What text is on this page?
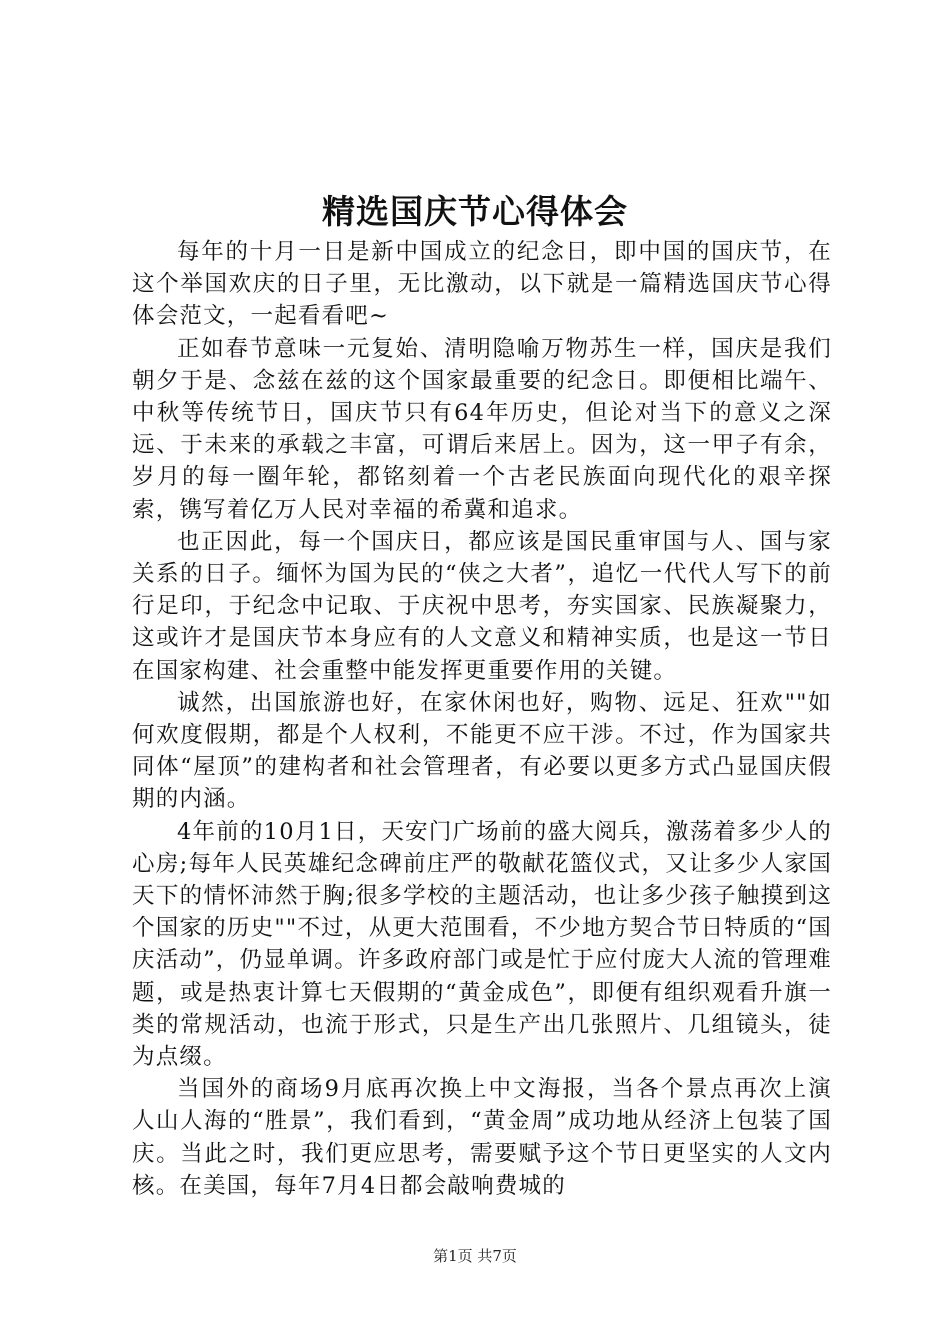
精选国庆节心得体会

每年的十月一日是新中国成立的纪念日，即中国的国庆节，在这个举国欢庆的日子里，无比激动，以下就是一篇精选国庆节心得体会范文，一起看看吧~

正如春节意味一元复始、清明隐喻万物苏生一样，国庆是我们朝夕于是、念兹在兹的这个国家最重要的纪念日。即便相比端午、中秋等传统节日，国庆节只有64年历史，但论对当下的意义之深远、于未来的承载之丰富，可谓后来居上。因为，这一甲子有余，岁月的每一圈年轮，都铭刻着一个古老民族面向现代化的艰辛探索，镌写着亿万人民对幸福的希冀和追求。

也正因此，每一个国庆日，都应该是国民重审国与人、国与家关系的日子。缅怀为国为民的“侠之大者”，追忆一代代人写下的前行足印，于纪念中记取、于庆祝中思考，夯实国家、民族凝聚力，这或许才是国庆节本身应有的人文意义和精神实质，也是这一节日在国家构建、社会重整中能发挥更重要作用的关键。

诚然，出国旅游也好，在家休闲也好，购物、远足、狂欢""如何欢度假期，都是个人权利，不能更不应干涉。不过，作为国家共同体“屋顶”的建构者和社会管理者，有必要以更多方式凸显国庆假期的内涵。

4年前的10月1日，天安门广场前的盛大阅兵，激荡着多少人的心房;每年人民英雄纪念碑前庄严的敬献花篮仪式，又让多少人家国天下的情怀沛然于胸;很多学校的主题活动，也让多少孩子触摸到这个国家的历史""不过，从更大范围看，不少地方契合节日特质的“国庆活动”，仍显单调。许多政府部门或是忙于应付庞大人流的管理难题，或是热衷计算七天假期的“黄金成色”，即便有组织观看升旗一类的常规活动，也流于形式，只是生产出几张照片、几组镜头，徒为点缀。

当国外的商场9月底再次换上中文海报，当各个景点再次上演人山人海的“胜景”，我们看到，“黄金周”成功地从经济上包装了国庆。当此之时，我们更应思考，需要赋予这个节日更坚实的人文内核。在美国，每年7月4日都会敲响费城的

第1页 共7页
